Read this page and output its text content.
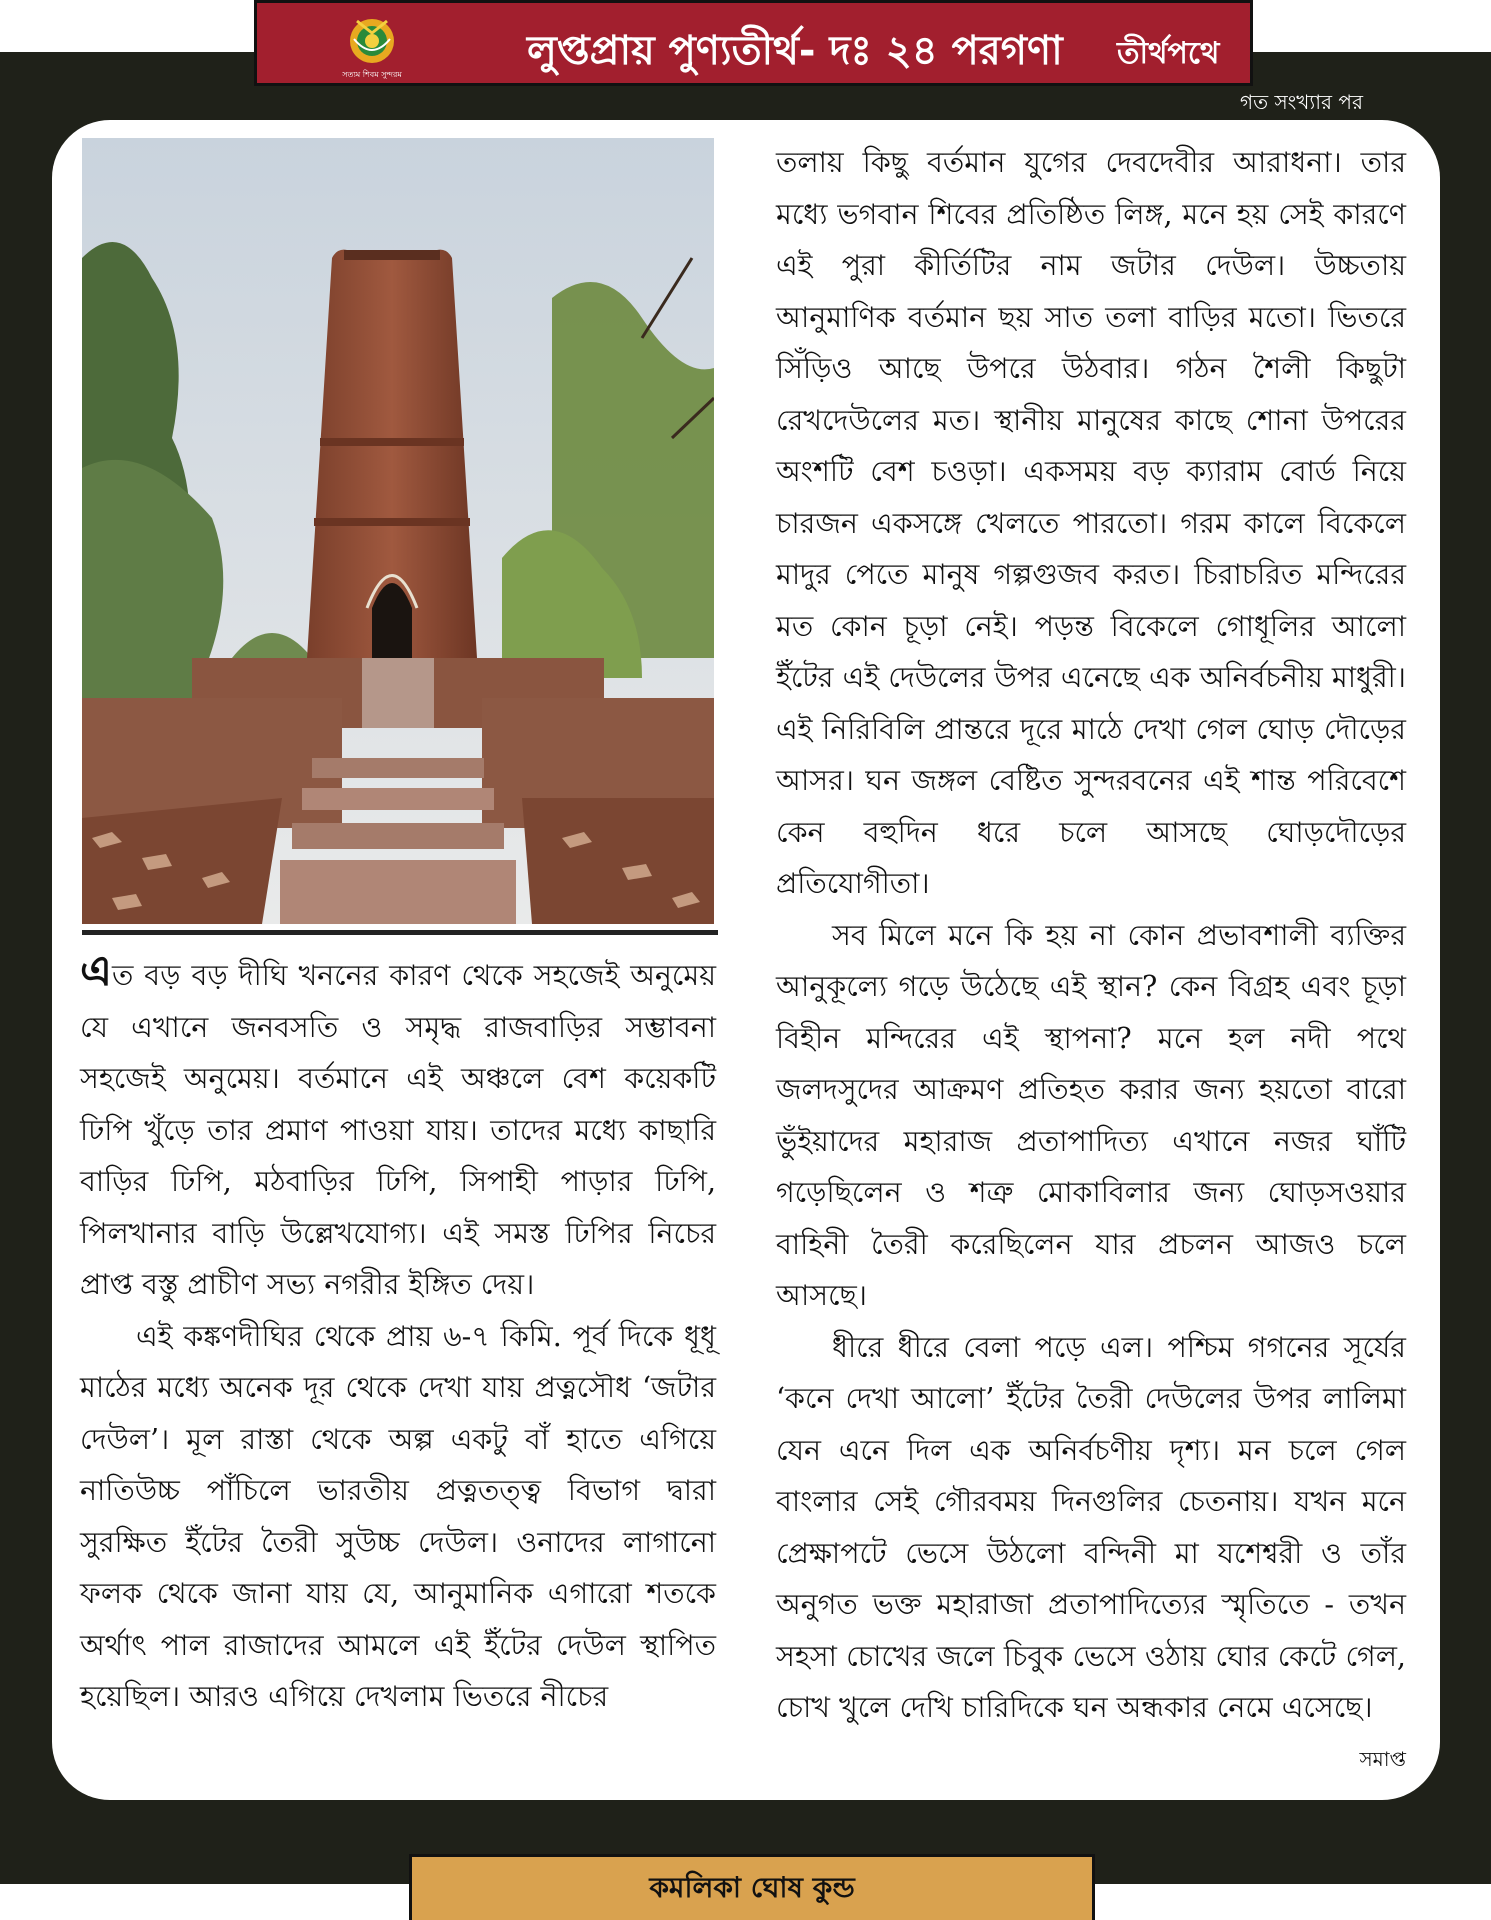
সত্যম শিবম সুন্দরম
লুপ্তপ্রায় পুণ্যতীর্থ- দঃ ২৪ পরগণা তীর্থপথে
গত সংখ্যার পর

এত বড় বড় দীঘি খননের কারণ থেকে সহজেই অনুমেয় যে এখানে জনবসতি ও সমৃদ্ধ রাজবাড়ির সম্ভাবনা সহজেই অনুমেয়। বর্তমানে এই অঞ্চলে বেশ কয়েকটি ঢিপি খুঁড়ে তার প্রমাণ পাওয়া যায়। তাদের মধ্যে কাছারি বাড়ির ঢিপি, মঠবাড়ির ঢিপি, সিপাহী পাড়ার ঢিপি, পিলখানার বাড়ি উল্লেখযোগ্য। এই সমস্ত ঢিপির নিচের প্রাপ্ত বস্তু প্রাচীণ সভ্য নগরীর ইঙ্গিত দেয়।

এই কঙ্কণদীঘির থেকে প্রায় ৬-৭ কিমি. পূর্ব দিকে ধূধূ মাঠের মধ্যে অনেক দূর থেকে দেখা যায় প্রত্নসৌধ ‘জটার দেউল’। মূল রাস্তা থেকে অল্প একটু বাঁ হাতে এগিয়ে নাতিউচ্চ পাঁচিলে ভারতীয় প্রত্নতত্ত্ব বিভাগ দ্বারা সুরক্ষিত ইঁটের তৈরী সুউচ্চ দেউল। ওনাদের লাগানো ফলক থেকে জানা যায় যে, আনুমানিক এগারো শতকে অর্থাৎ পাল রাজাদের আমলে এই ইঁটের দেউল স্থাপিত হয়েছিল। আরও এগিয়ে দেখলাম ভিতরে নীচের

তলায় কিছু বর্তমান যুগের দেবদেবীর আরাধনা। তার মধ্যে ভগবান শিবের প্রতিষ্ঠিত লিঙ্গ, মনে হয় সেই কারণে এই পুরা কীর্তিটির নাম জটার দেউল। উচ্চতায় আনুমাণিক বর্তমান ছয় সাত তলা বাড়ির মতো। ভিতরে সিঁড়িও আছে উপরে উঠবার। গঠন শৈলী কিছুটা রেখদেউলের মত। স্থানীয় মানুষের কাছে শোনা উপরের অংশটি বেশ চওড়া। একসময় বড় ক্যারাম বোর্ড নিয়ে চারজন একসঙ্গে খেলতে পারতো। গরম কালে বিকেলে মাদুর পেতে মানুষ গল্পগুজব করত। চিরাচরিত মন্দিরের মত কোন চূড়া নেই। পড়ন্ত বিকেলে গোধূলির আলো ইঁটের এই দেউলের উপর এনেছে এক অনির্বচনীয় মাধুরী। এই নিরিবিলি প্রান্তরে দূরে মাঠে দেখা গেল ঘোড় দৌড়ের আসর। ঘন জঙ্গল বেষ্টিত সুন্দরবনের এই শান্ত পরিবেশে কেন বহুদিন ধরে চলে আসছে ঘোড়দৌড়ের প্রতিযোগীতা।

সব মিলে মনে কি হয় না কোন প্রভাবশালী ব্যক্তির আনুকূল্যে গড়ে উঠেছে এই স্থান? কেন বিগ্রহ এবং চূড়া বিহীন মন্দিরের এই স্থাপনা? মনে হল নদী পথে জলদসুদের আক্রমণ প্রতিহত করার জন্য হয়তো বারো ভুঁইয়াদের মহারাজ প্রতাপাদিত্য এখানে নজর ঘাঁটি গড়েছিলেন ও শত্রু মোকাবিলার জন্য ঘোড়সওয়ার বাহিনী তৈরী করেছিলেন যার প্রচলন আজও চলে আসছে।

ধীরে ধীরে বেলা পড়ে এল। পশ্চিম গগনের সূর্যের ‘কনে দেখা আলো’ ইঁটের তৈরী দেউলের উপর লালিমা যেন এনে দিল এক অনির্বচণীয় দৃশ্য। মন চলে গেল বাংলার সেই গৌরবময় দিনগুলির চেতনায়। যখন মনে প্রেক্ষাপটে ভেসে উঠলো বন্দিনী মা যশেশ্বরী ও তাঁর অনুগত ভক্ত মহারাজা প্রতাপাদিত্যের স্মৃতিতে - তখন সহসা চোখের জলে চিবুক ভেসে ওঠায় ঘোর কেটে গেল, চোখ খুলে দেখি চারিদিকে ঘন অন্ধকার নেমে এসেছে।
সমাপ্ত

কমলিকা ঘোষ কুন্ড
